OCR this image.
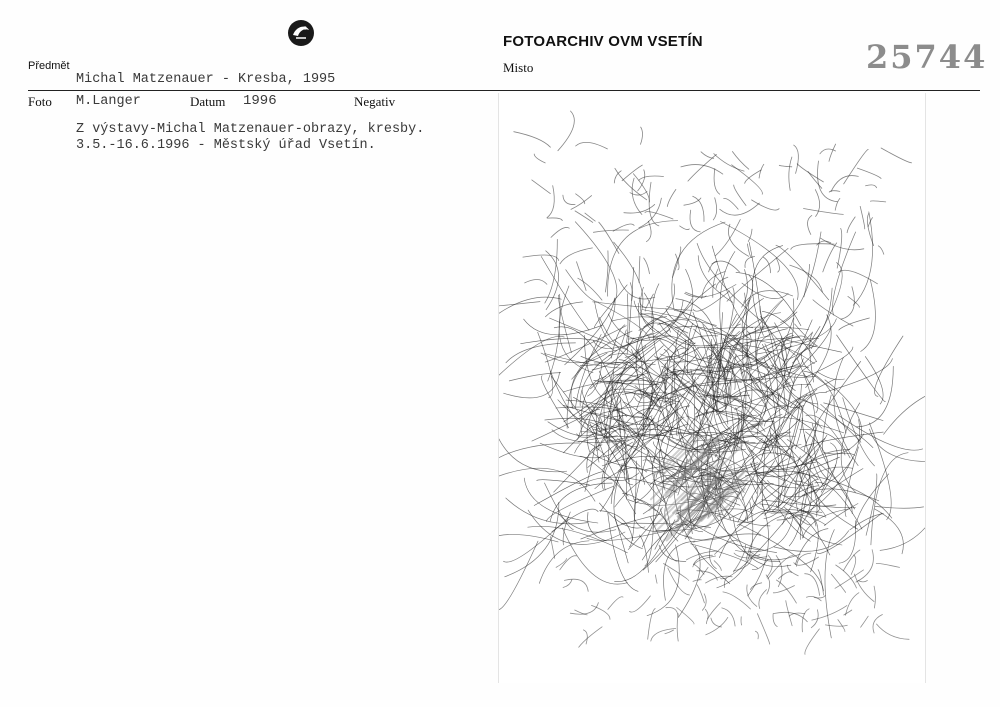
Předmět
Michal Matzenauer - Kresba, 1995
FOTOARCHIV OVM VSETÍN
Misto	25744
Foto M.Langer	Datum 1996	Negativ
Z výstavy-Michal Matzenauer-obrazy, kresby.
3.5.-16.6.1996 - Městský úřad Vsetín.
